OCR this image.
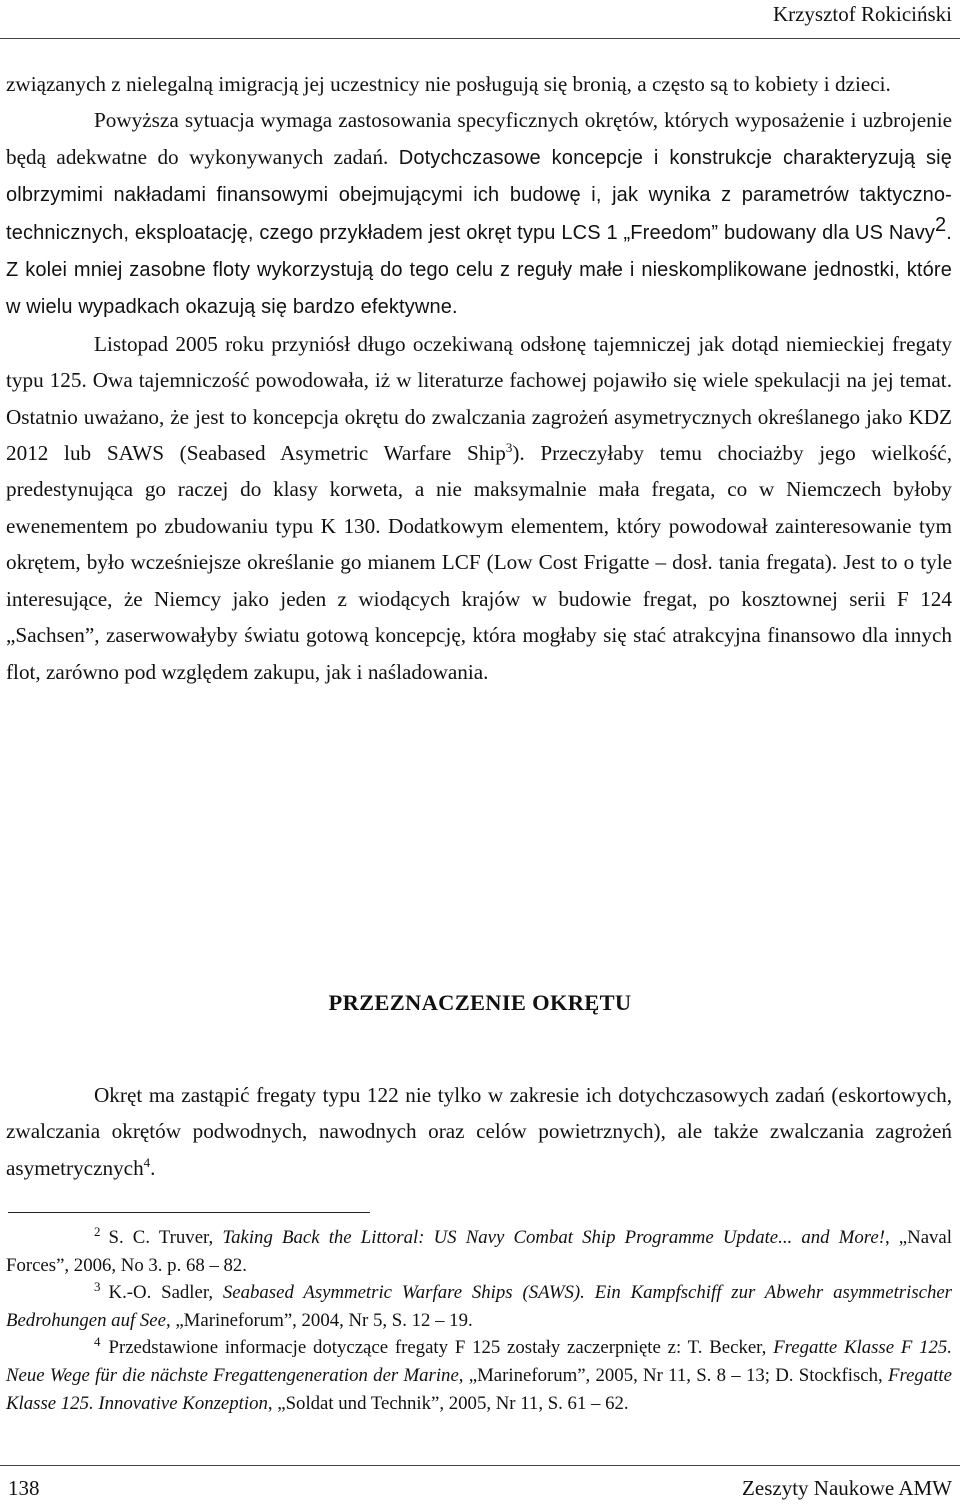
Krzysztof Rokiciński

związanych z nielegalną imigracją jej uczestnicy nie posługują się bronią, a często są to kobiety i dzieci.

Powyższa sytuacja wymaga zastosowania specyficznych okrętów, których wyposażenie i uzbrojenie będą adekwatne do wykonywanych zadań. Dotychczasowe koncepcje i konstrukcje charakteryzują się olbrzymimi nakładami finansowymi obejmującymi ich budowę i, jak wynika z parametrów taktyczno-technicznych, eksploatację, czego przykładem jest okręt typu LCS 1 „Freedom” budowany dla US Navy$^2$. Z kolei mniej zasobne floty wykorzystują do tego celu z reguły małe i nieskomplikowane jednostki, które w wielu wypadkach okazują się bardzo efektywne.

Listopad 2005 roku przyniósł długo oczekiwaną odsłonę tajemniczej jak dotąd niemieckiej fregaty typu 125. Owa tajemniczość powodowała, iż w literaturze fachowej pojawiło się wiele spekulacji na jej temat. Ostatnio uważano, że jest to koncepcja okrętu do zwalczania zagrożeń asymetrycznych określanego jako KDZ 2012 lub SAWS (Seabased Asymetric Warfare Ship$^3$). Przeczyłaby temu chociażby jego wielkość, predestynująca go raczej do klasy korweta, a nie maksymalnie mała fregata, co w Niemczech byłoby ewenementem po zbudowaniu typu K 130. Dodatkowym elementem, który powodował zainteresowanie tym okrętem, było wcześniejsze określanie go mianem LCF (Low Cost Frigatte – dosł. tania fregata). Jest to o tyle interesujące, że Niemcy jako jeden z wiodących krajów w budowie fregat, po kosztownej serii F 124 „Sachsen”, zaserwowałyby światu gotową koncepcję, która mogłaby się stać atrakcyjna finansowo dla innych flot, zarówno pod względem zakupu, jak i naśladowania.

PRZEZNACZENIE OKRĘTU

Okręt ma zastąpić fregaty typu 122 nie tylko w zakresie ich dotychczasowych zadań (eskortowych, zwalczania okrętów podwodnych, nawodnych oraz celów powietrznych), ale także zwalczania zagrożeń asymetrycznych$^4$.

$^2$ S. C. Truver, Taking Back the Littoral: US Navy Combat Ship Programme Update... and More!, „Naval Forces”, 2006, No 3. p. 68 – 82.

$^3$ K.-O. Sadler, Seabased Asymmetric Warfare Ships (SAWS). Ein Kampfschiff zur Abwehr asymmetrischer Bedrohungen auf See, „Marineforum”, 2004, Nr 5, S. 12 – 19.

$^4$ Przedstawione informacje dotyczące fregaty F 125 zostały zaczerpnięte z: T. Becker, Fregatte Klasse F 125. Neue Wege für die nächste Fregattengeneration der Marine, „Marineforum”, 2005, Nr 11, S. 8 – 13; D. Stockfisch, Fregatte Klasse 125. Innovative Konzeption, „Soldat und Technik”, 2005, Nr 11, S. 61 – 62.

138	Zeszyty Naukowe AMW
